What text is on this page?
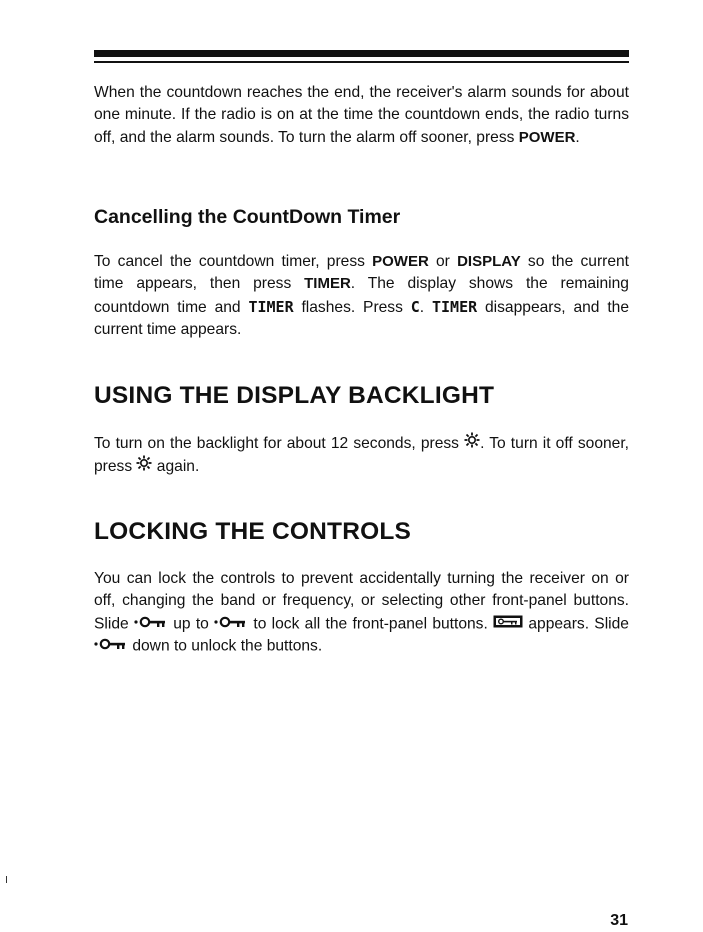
When the countdown reaches the end, the receiver's alarm sounds for about one minute. If the radio is on at the time the countdown ends, the radio turns off, and the alarm sounds. To turn the alarm off sooner, press POWER.

Cancelling the CountDown Timer

To cancel the countdown timer, press POWER or DISPLAY so the current time appears, then press TIMER. The display shows the remaining countdown time and TIMER flashes. Press C. TIMER disappears, and the current time appears.

USING THE DISPLAY BACKLIGHT

To turn on the backlight for about 12 seconds, press . To turn it off sooner, press  again.

LOCKING THE CONTROLS

You can lock the controls to prevent accidentally turning the receiver on or off, changing the band or frequency, or selecting other front-panel buttons. Slide  up to  to lock all the front-panel buttons.  appears. Slide  down to unlock the buttons.

31
